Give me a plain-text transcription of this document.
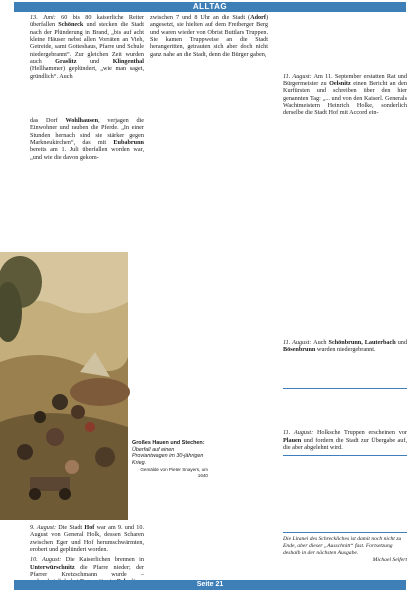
ALLTAG

13. Juni: 60 bis 80 kaiserliche Reiter überfallen Schöneck und stecken die Stadt nach der Plünderung in Brand, „bis auf acht kleine Häuser nebst allen Vorräten an Vieh, Getreide, samt Gotteshaus, Pfarre und Schule niedergebrannt“. Zur gleichen Zeit wurden auch Graslitz und Klingenthal (Hellhammer) geplündert, „wie man saget, gründlich“. Auch

das Dorf Wohlhausen, verjagen die Einwohner und rauben die Pferde. „In einer Stunden hernach sind sie stärker gegen Markneukirchen“, das mit Eubabrunn bereits am 1. Juli überfallen worden war, „und wie die davon gekom-

9. August: Die Stadt Hof war am 9. und 10. August von General Holk, dessen Scharen zwischen Eger und Hof herumschwärmten, erobert und geplündert worden.

10. August: Die Kaiserlichen brennen in Unterwürschnitz die Pfarre nieder; der Pfarrer Kretzschmann wurde –

zwischen 7 und 8 Uhr an die Stadt (Adorf) angesetzt, sie hielten auf dem Freiberger Berg und waren wieder von Obrist Buttlars Truppen. Sie kamen Truppweise an die Stadt herangeritten, getrauten sich aber doch nicht ganz nahe an die Stadt, denn die Bürger gaben,

Großes Hauen und Stechen: Überfall auf einen Proviantwagen im 30-jährigen Krieg.
Gemälde von Pieter Snayers, um 1640

11. August: Am 11. September erstatten Rat und Bürgermeister zu Oelsnitz einen Bericht an den Kurfürsten und schreiben über den hier genannten Tag: „... und von den Kaiserl. Generals Wachtmeistern Heinrich Holke, sonderlich derselbe die Stadt Hof mit Accord ein-

11. August: Auch Schönbrunn, Lauterbach und Bösenbrunn wurden niedergebrannt.

11. August: Holksche Truppen erscheinen vor Plauen und fordern die Stadt zur Übergabe auf, die aber abgelehnt wird.

Die Litanei des Schreckliches ist damit noch nicht zu Ende, aber dieser „Ausschnitt“ fast. Fortsetzung deshalb in der nächsten Ausgabe.
Michael Seifert
Seite 21
